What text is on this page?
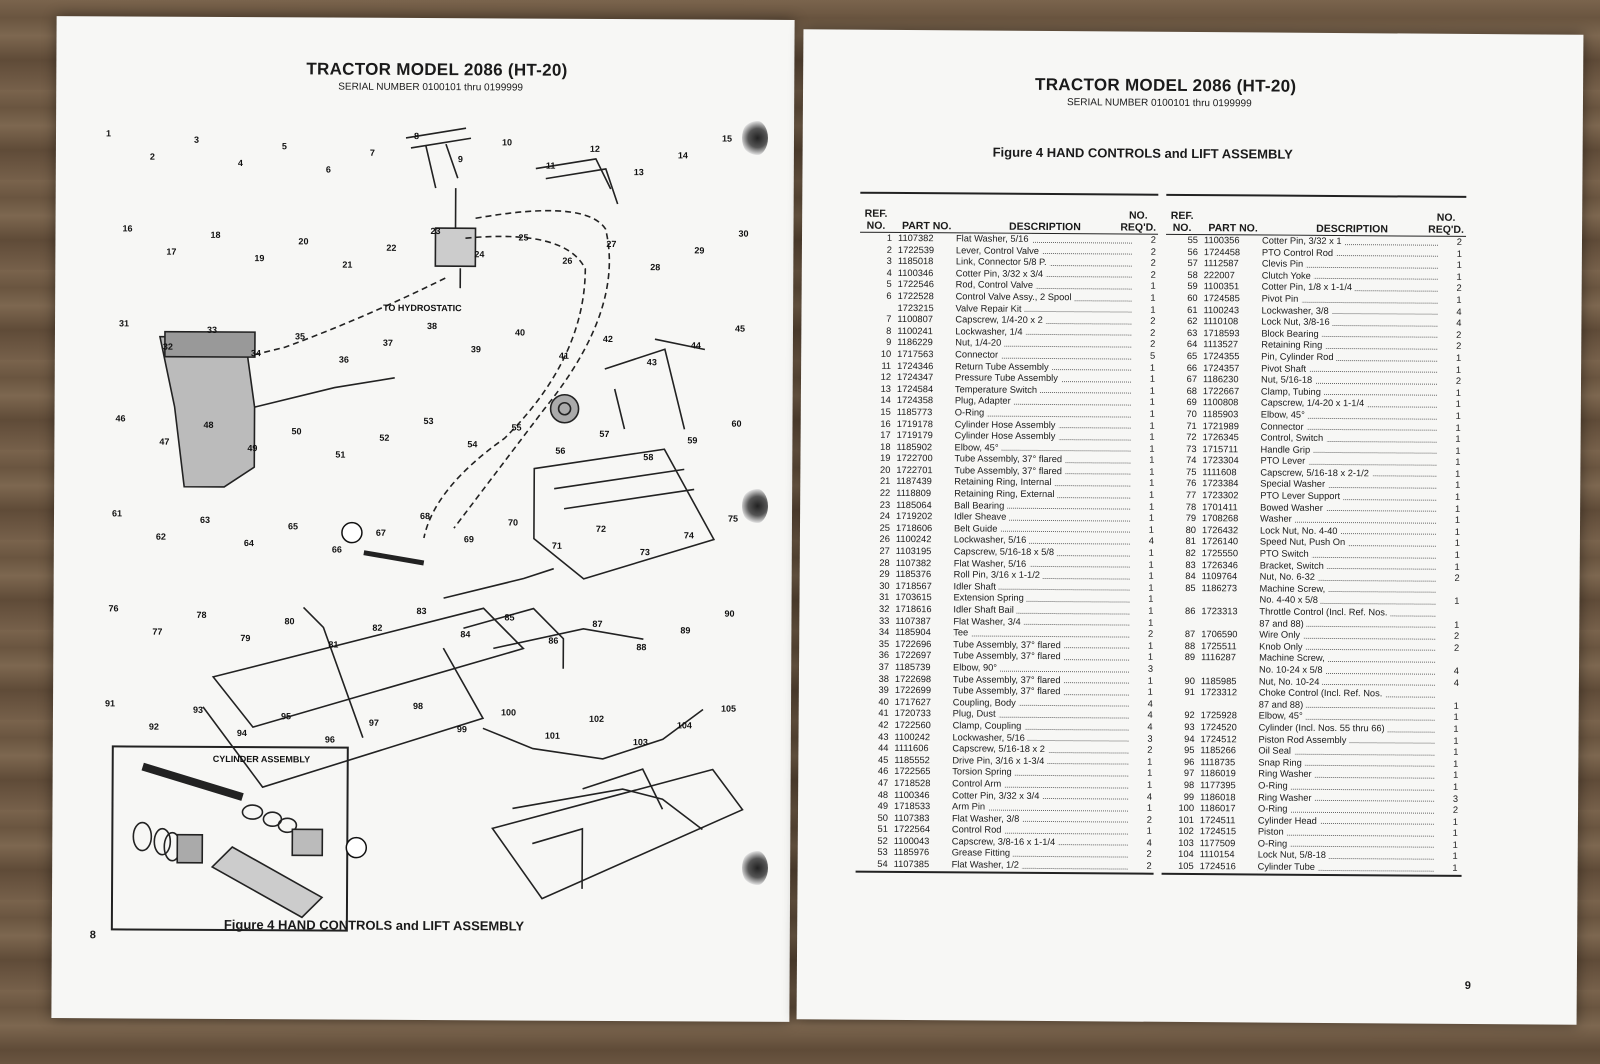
TRACTOR MODEL 2086 (HT-20)
SERIAL NUMBER 0100101 thru 0199999
TO HYDROSTATIC
CYLINDER ASSEMBLY
1
2
3
4
5
6
7
8
9
10
11
12
13
14
15
16
17
18
19
20
21
22
23
24
25
26
27
28
29
30
31
32
33
34
35
36
37
38
39
40
41
42
43
44
45
46
47
48
49
50
51
52
53
54
55
56
57
58
59
60
61
62
63
64
65
66
67
68
69
70
71
72
73
74
75
76
77
78
79
80
81
82
83
84
85
86
87
88
89
90
91
92
93
94
95
96
97
98
99
100
101
102
103
104
105
Figure 4 HAND CONTROLS and LIFT ASSEMBLY
8
TRACTOR MODEL 2086 (HT-20)
SERIAL NUMBER 0100101 thru 0199999
Figure 4 HAND CONTROLS and LIFT ASSEMBLY
REF. NO.	PART NO.	DESCRIPTION
NO. REQ'D.
1 1107382	Flat Washer, 5/16	2
2 1722539	Lever, Control Valve	2
3 1185018	Link, Connector 5/8 P.	2
4 1100346	Cotter Pin, 3/32 x 3/4	2
5 1722546	Rod, Control Valve	1
6 1722528	Control Valve Assy., 2 Spool	1
1723215	Valve Repair Kit	1
7 1100807	Capscrew, 1/4-20 x 2	2
8 1100241	Lockwasher, 1/4	2
9 1186229	Nut, 1/4-20	2
10 1717563	Connector	5
11 1724346	Return Tube Assembly	1
12 1724347	Pressure Tube Assembly	1
13 1724584	Temperature Switch	1
14 1724358	Plug, Adapter	1
15 1185773	O-Ring	1
16 1719178	Cylinder Hose Assembly	1
17 1719179	Cylinder Hose Assembly	1
18 1185902	Elbow, 45°	1
19 1722700	Tube Assembly, 37° flared	1
20 1722701	Tube Assembly, 37° flared	1
21 1187439	Retaining Ring, Internal	1
22 1118809	Retaining Ring, External	1
23 1185064	Ball Bearing	1
24 1719202	Idler Sheave	1
25 1718606	Belt Guide	1
26 1100242	Lockwasher, 5/16	4
27 1103195	Capscrew, 5/16-18 x 5/8	1
28 1107382	Flat Washer, 5/16	1
29 1185376	Roll Pin, 3/16 x 1-1/2	1
30 1718567	Idler Shaft	1
31 1703615	Extension Spring	1
32 1718616	Idler Shaft Bail	1
33 1107387	Flat Washer, 3/4	1
34 1185904	Tee	2
35 1722696	Tube Assembly, 37° flared	1
36 1722697	Tube Assembly, 37° flared	1
37 1185739	Elbow, 90°	3
38 1722698	Tube Assembly, 37° flared	1
39 1722699	Tube Assembly, 37° flared	1
40 1717627	Coupling, Body	4
41 1720733	Plug, Dust	4
42 1722560	Clamp, Coupling	4
43 1100242	Lockwasher, 5/16	3
44 1111606	Capscrew, 5/16-18 x 2	2
45 1185552	Drive Pin, 3/16 x 1-3/4	1
46 1722565	Torsion Spring	1
47 1718528	Control Arm	1
48 1100346	Cotter Pin, 3/32 x 3/4	4
49 1718533	Arm Pin	1
50 1107383	Flat Washer, 3/8	2
51 1722564	Control Rod	1
52 1100043	Capscrew, 3/8-16 x 1-1/4	4
53 1185976	Grease Fitting	2
54 1107385	Flat Washer, 1/2	2
REF. NO.	PART NO.	DESCRIPTION
NO. REQ'D.
55 1100356	Cotter Pin, 3/32 x 1	2
56 1724458	PTO Control Rod	1
57 1112587	Clevis Pin	1
58 222007	Clutch Yoke	1
59 1100351	Cotter Pin, 1/8 x 1-1/4	2
60 1724585	Pivot Pin	1
61 1100243	Lockwasher, 3/8	4
62 1110108	Lock Nut, 3/8-16	4
63 1718593	Block Bearing	2
64 1113527	Retaining Ring	2
65 1724355	Pin, Cylinder Rod	1
66 1724357	Pivot Shaft	1
67 1186230	Nut, 5/16-18	2
68 1722667	Clamp, Tubing	1
69 1100808	Capscrew, 1/4-20 x 1-1/4	1
70 1185903	Elbow, 45°	1
71 1721989	Connector	1
72 1726345	Control, Switch	1
73 1715711	Handle Grip	1
74 1723304	PTO Lever	1
75 1111608	Capscrew, 5/16-18 x 2-1/2	1
76 1723384	Special Washer	1
77 1723302	PTO Lever Support	1
78 1701411	Bowed Washer	1
79 1708268	Washer	1
80 1726432	Lock Nut, No. 4-40	1
81 1726140	Speed Nut, Push On	1
82 1725550	PTO Switch	1
83 1726346	Bracket, Switch	1
84 1109764	Nut, No. 6-32	2
85 1186273	Machine Screw,
No. 4-40 x 5/8	1
86 1723313	Throttle Control (Incl. Ref. Nos.
87 and 88)	1
87 1706590	Wire Only	2
88 1725511	Knob Only	2
89 1116287	Machine Screw,
No. 10-24 x 5/8	4
90 1185985	Nut, No. 10-24	4
91 1723312	Choke Control (Incl. Ref. Nos.
87 and 88)	1
92 1725928	Elbow, 45°	1
93 1724520	Cylinder (Incl. Nos. 55 thru 66)	1
94 1724512	Piston Rod Assembly	1
95 1185266	Oil Seal	1
96 1118735	Snap Ring	1
97 1186019	Ring Washer	1
98 1177395	O-Ring	1
99 1186018	Ring Washer	3
100 1186017	O-Ring	2
101 1724511	Cylinder Head	1
102 1724515	Piston	1
103 1177509	O-Ring	1
104 1110154	Lock Nut, 5/8-18	1
105 1724516	Cylinder Tube	1
9
